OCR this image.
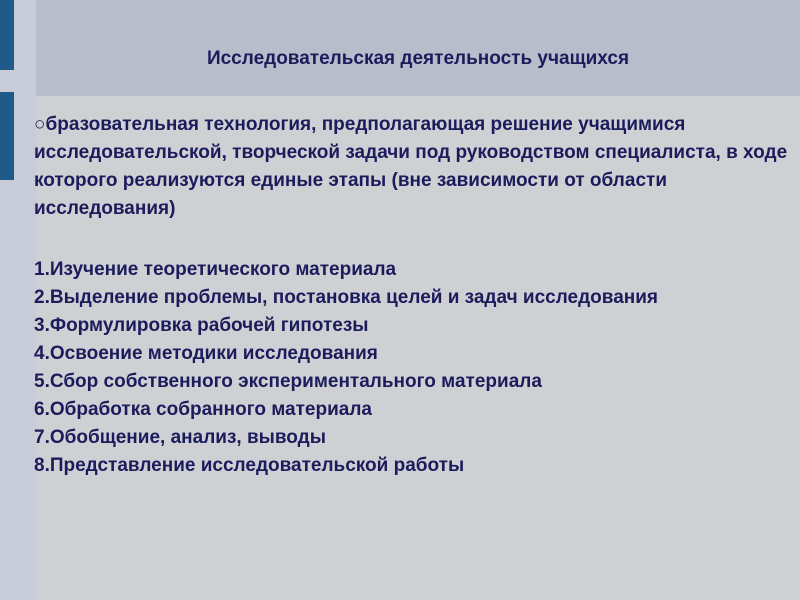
Исследовательская деятельность учащихся

○бразовательная технология, предполагающая решение учащимися исследовательской, творческой задачи под руководством специалиста, в ходе которого реализуются единые этапы (вне зависимости от области исследования)

1.Изучение теоретического материала
2.Выделение проблемы, постановка целей и задач исследования
3.Формулировка рабочей гипотезы
4.Освоение методики исследования
5.Сбор собственного экспериментального материала
6.Обработка собранного материала
7.Обобщение, анализ, выводы
8.Представление исследовательской работы
